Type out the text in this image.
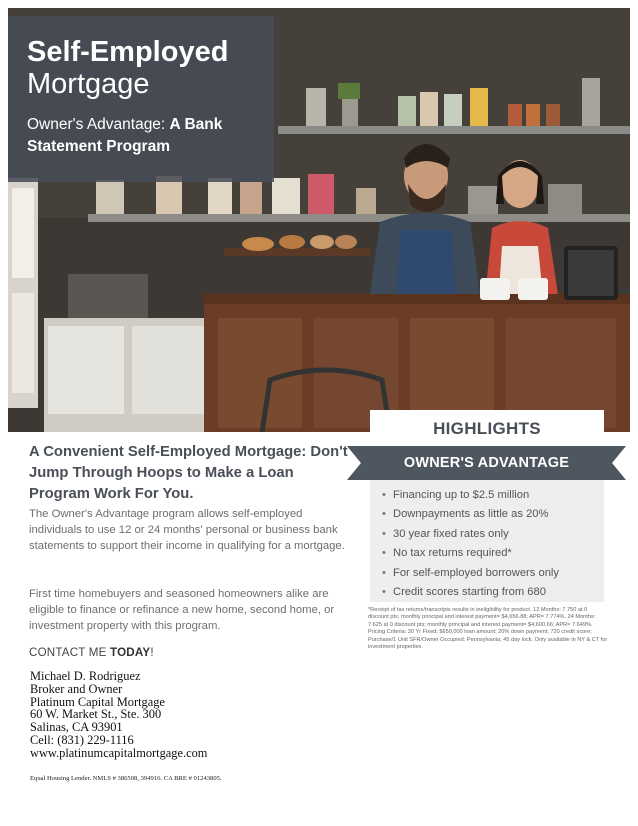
Self-Employed
Mortgage
Owner's Advantage: A Bank Statement Program
HIGHLIGHTS
OWNER'S ADVANTAGE
• Financing up to $2.5 million
• Downpayments as little as 20%
• 30 year fixed rates only
• No tax returns required*
• For self-employed borrowers only
• Credit scores starting from 680
*Receipt of tax returns/transcripts results in ineligibility for product. 12 Months: 7.750 at 0 discount pts; monthly principal and interest payment= $4,656.88; APR= 7.774%. 24 Months: 7.625 at 0 discount pts; monthly principal and interest payment= $4,600.66; APR= 7.649%. Pricing Criteria: 30 Yr Fixed; $650,000 loan amount; 20% down payment; 720 credit score; Purchase/1 Unit SFR/Owner Occupied; Pennsylvania; 45 day lock. Only available in NY & CT for investment properties.
A Convenient Self-Employed Mortgage: Don't Jump Through Hoops to Make a Loan Program Work For You.
The Owner's Advantage program allows self-employed individuals to use 12 or 24 months' personal or business bank statements to support their income in qualifying for a mortgage.
First time homebuyers and seasoned homeowners alike are eligible to finance or refinance a new home, second home, or investment property with this program.
CONTACT ME TODAY!
Michael D. Rodriguez
Broker and Owner
Platinum Capital Mortgage
60 W. Market St., Ste. 300
Salinas, CA 93901
Cell: (831) 229-1116
www.platinumcapitalmortgage.com
Equal Housing Lender. NMLS # 386508, 394916. CA BRE # 01243805.
